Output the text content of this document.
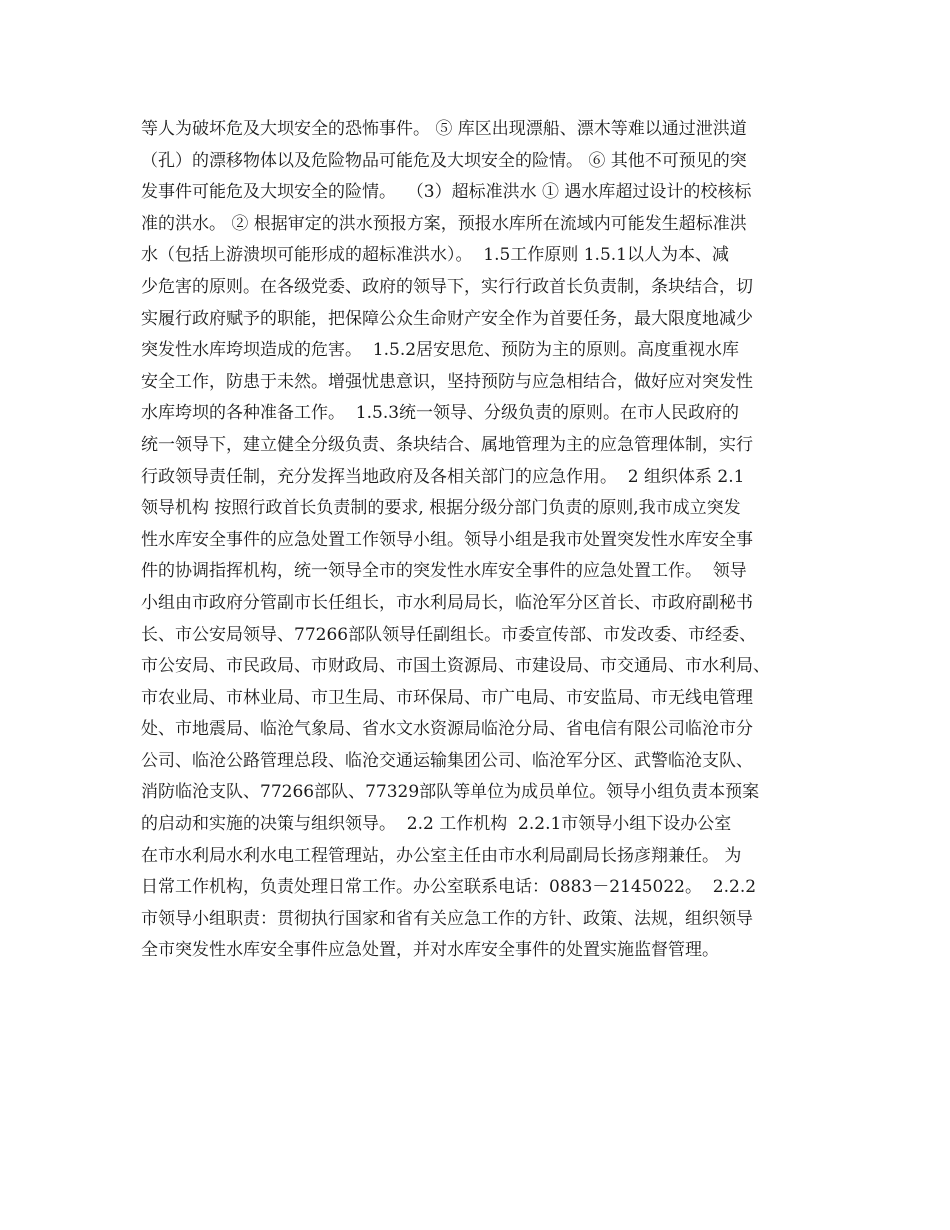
等人为破坏危及大坝安全的恐怖事件。 ⑤ 库区出现漂船、漂木等难以通过泄洪道
（孔）的漂移物体以及危险物品可能危及大坝安全的险情。 ⑥ 其他不可预见的突
发事件可能危及大坝安全的险情。  （3）超标准洪水 ① 遇水库超过设计的校核标
准的洪水。 ② 根据审定的洪水预报方案，预报水库所在流域内可能发生超标准洪
水（包括上游溃坝可能形成的超标准洪水）。  1.5工作原则 1.5.1以人为本、减
少危害的原则。在各级党委、政府的领导下，实行行政首长负责制，条块结合，切
实履行政府赋予的职能，把保障公众生命财产安全作为首要任务，最大限度地减少
突发性水库垮坝造成的危害。  1.5.2居安思危、预防为主的原则。高度重视水库
安全工作，防患于未然。增强忧患意识，坚持预防与应急相结合，做好应对突发性
水库垮坝的各种准备工作。  1.5.3统一领导、分级负责的原则。在市人民政府的
统一领导下，建立健全分级负责、条块结合、属地管理为主的应急管理体制，实行
行政领导责任制，充分发挥当地政府及各相关部门的应急作用。  2 组织体系 2.1
领导机构 按照行政首长负责制的要求, 根据分级分部门负责的原则,我市成立突发
性水库安全事件的应急处置工作领导小组。领导小组是我市处置突发性水库安全事
件的协调指挥机构，统一领导全市的突发性水库安全事件的应急处置工作。  领导
小组由市政府分管副市长任组长，市水利局局长，临沧军分区首长、市政府副秘书
长、市公安局领导、77266部队领导任副组长。市委宣传部、市发改委、市经委、
市公安局、市民政局、市财政局、市国土资源局、市建设局、市交通局、市水利局、
市农业局、市林业局、市卫生局、市环保局、市广电局、市安监局、市无线电管理
处、市地震局、临沧气象局、省水文水资源局临沧分局、省电信有限公司临沧市分
公司、临沧公路管理总段、临沧交通运输集团公司、临沧军分区、武警临沧支队、
消防临沧支队、77266部队、77329部队等单位为成员单位。领导小组负责本预案
的启动和实施的决策与组织领导。  2.2 工作机构  2.2.1市领导小组下设办公室
在市水利局水利水电工程管理站，办公室主任由市水利局副局长扬彦翔兼任。 为
日常工作机构，负责处理日常工作。办公室联系电话：0883－2145022。  2.2.2
市领导小组职责：贯彻执行国家和省有关应急工作的方针、政策、法规，组织领导
全市突发性水库安全事件应急处置，并对水库安全事件的处置实施监督管理。
